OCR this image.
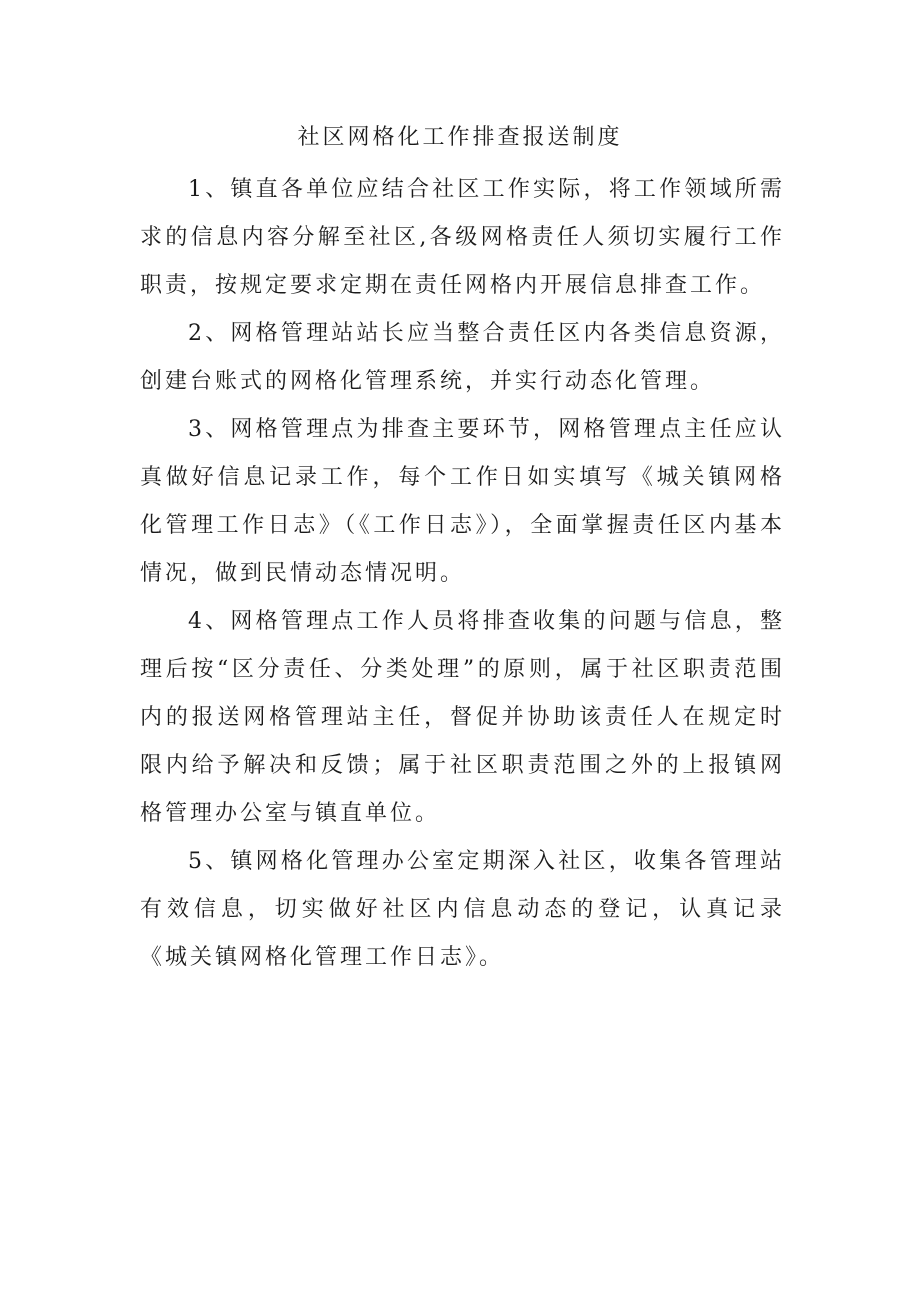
社区网格化工作排查报送制度
1、镇直各单位应结合社区工作实际，将工作领域所需求的信息内容分解至社区,各级网格责任人须切实履行工作职责，按规定要求定期在责任网格内开展信息排查工作。
2、网格管理站站长应当整合责任区内各类信息资源，创建台账式的网格化管理系统，并实行动态化管理。
3、网格管理点为排查主要环节，网格管理点主任应认真做好信息记录工作，每个工作日如实填写《城关镇网格化管理工作日志》（《工作日志》），全面掌握责任区内基本情况，做到民情动态情况明。
4、网格管理点工作人员将排查收集的问题与信息，整理后按“区分责任、分类处理”的原则，属于社区职责范围内的报送网格管理站主任，督促并协助该责任人在规定时限内给予解决和反馈；属于社区职责范围之外的上报镇网格管理办公室与镇直单位。
5、镇网格化管理办公室定期深入社区，收集各管理站有效信息，切实做好社区内信息动态的登记，认真记录《城关镇网格化管理工作日志》。
